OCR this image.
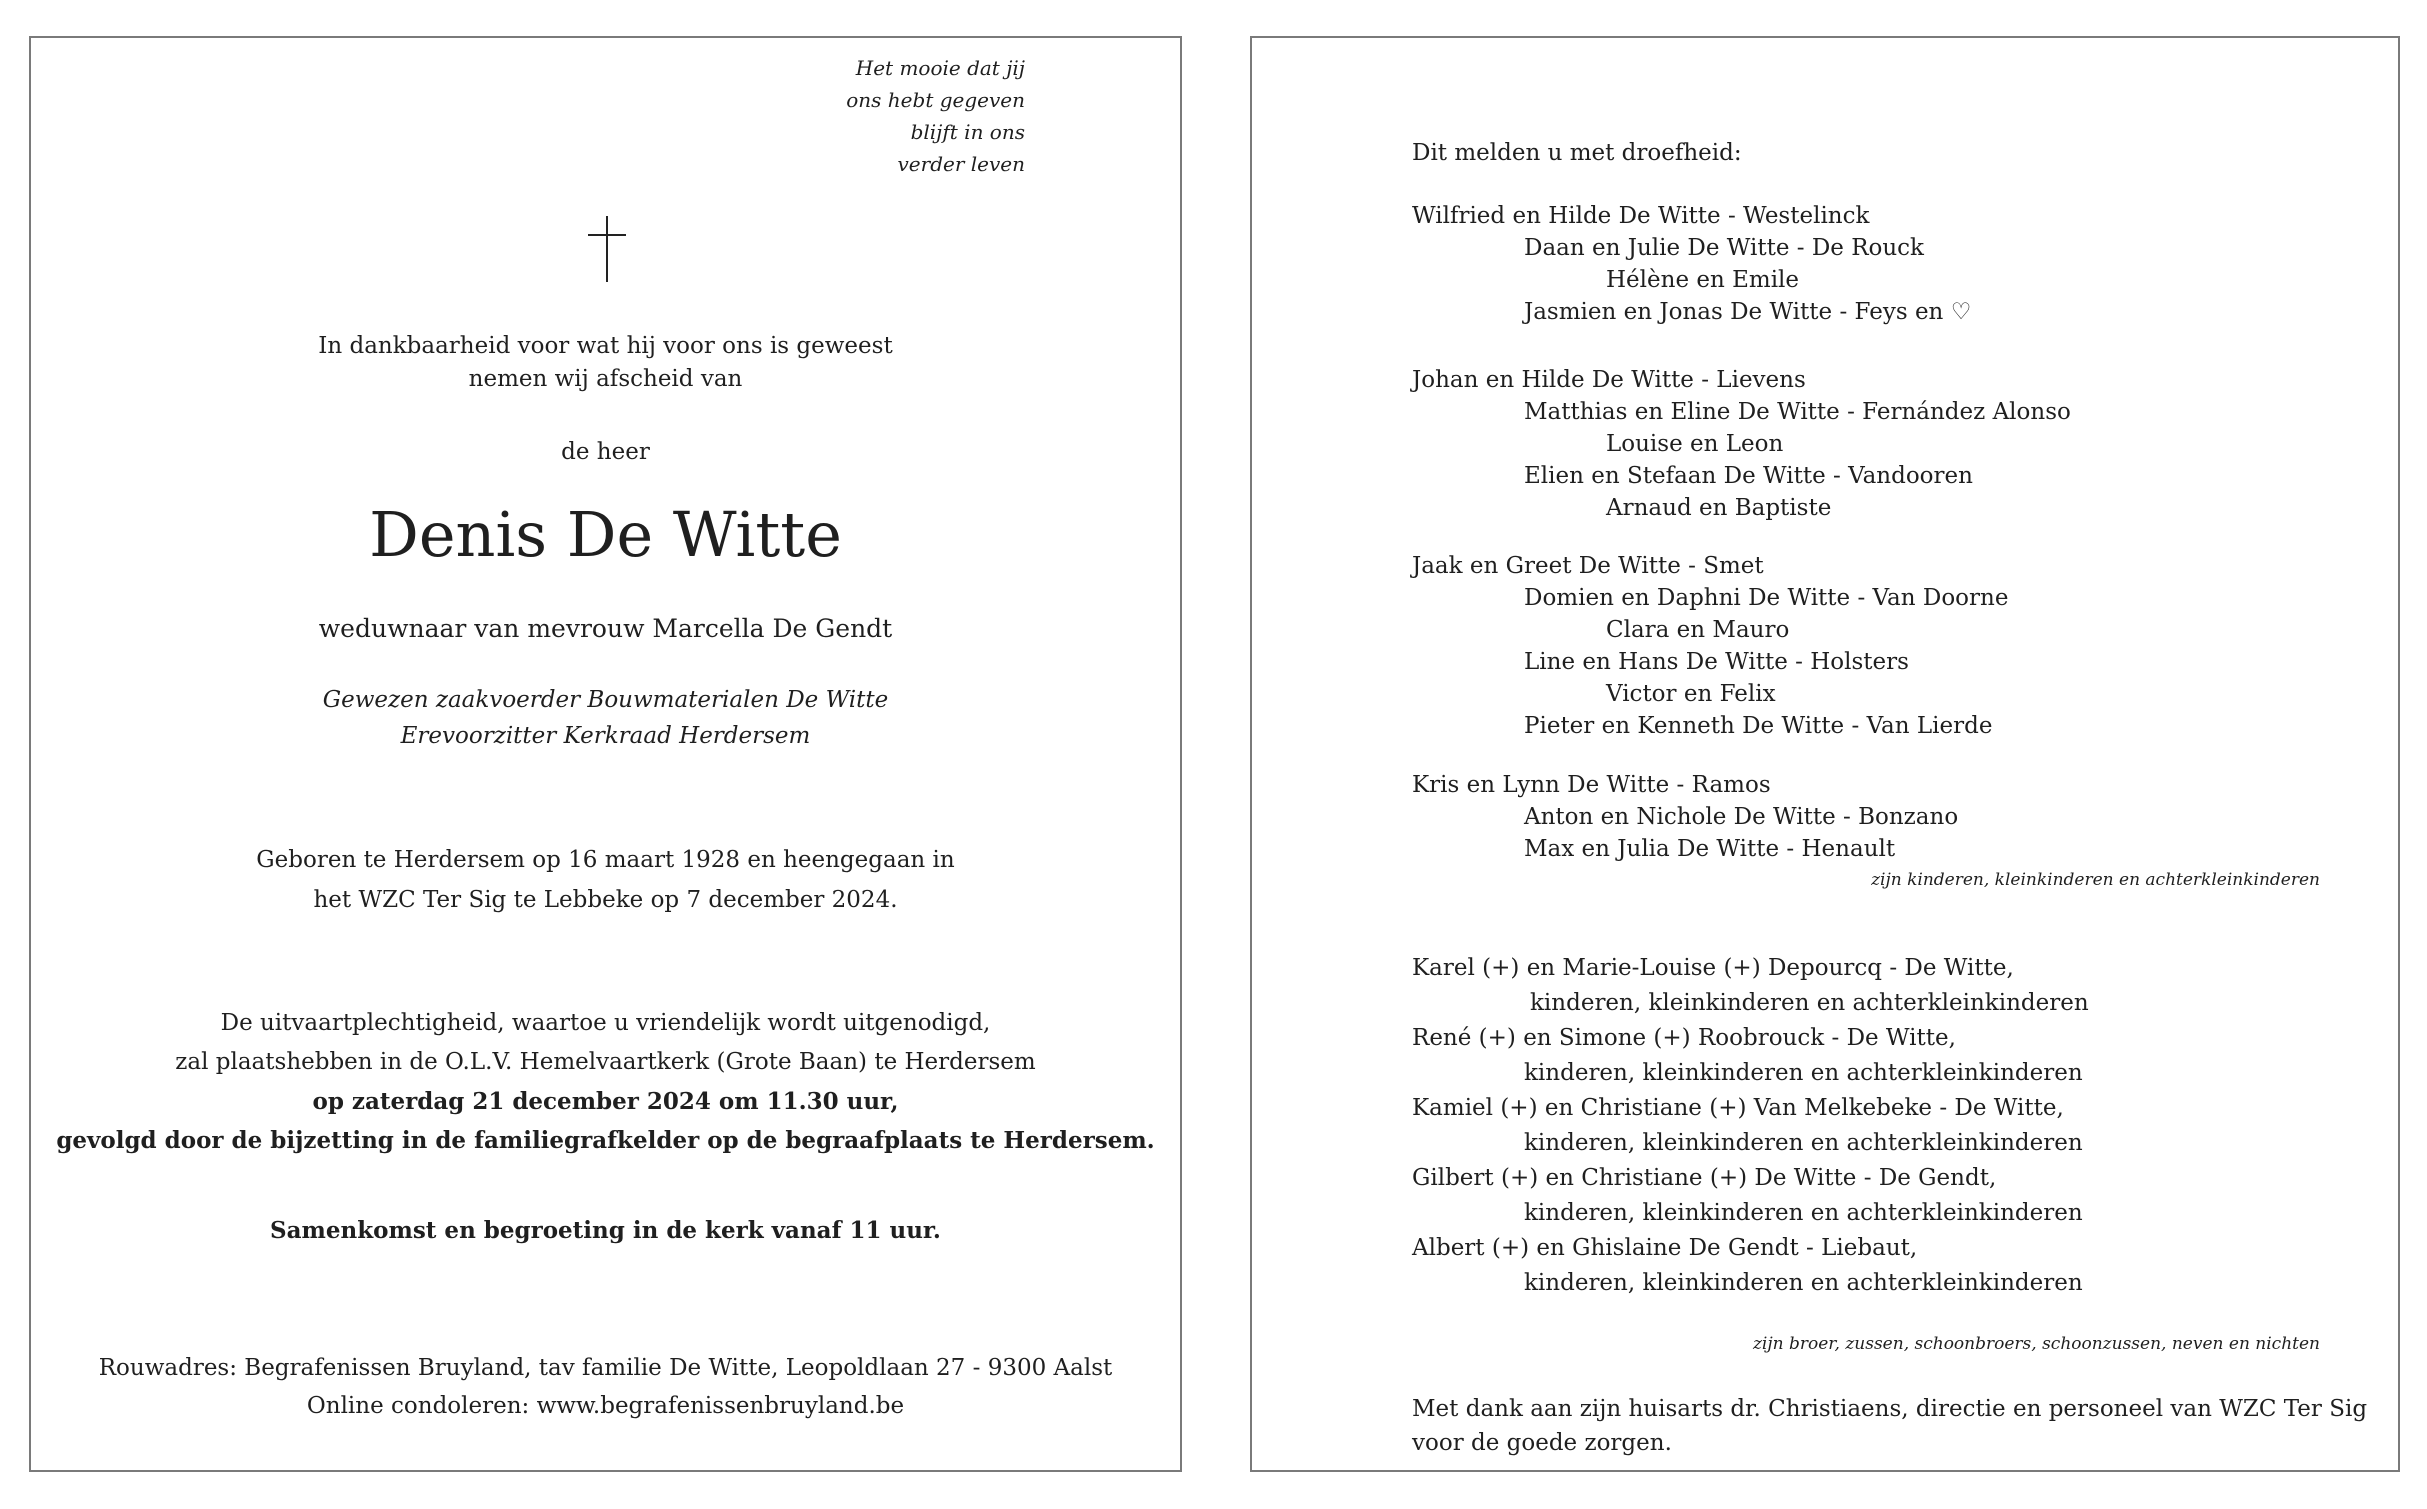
Het mooie dat jij
ons hebt gegeven
blijft in ons
verder leven
In dankbaarheid voor wat hij voor ons is geweest
nemen wij afscheid van
de heer
Denis De Witte
weduwnaar van mevrouw Marcella De Gendt
Gewezen zaakvoerder Bouwmaterialen De Witte
Erevoorzitter Kerkraad Herdersem
Geboren te Herdersem op 16 maart 1928 en heengegaan in
het WZC Ter Sig te Lebbeke op 7 december 2024.
De uitvaartplechtigheid, waartoe u vriendelijk wordt uitgenodigd,
zal plaatshebben in de O.L.V. Hemelvaartkerk (Grote Baan) te Herdersem
op zaterdag 21 december 2024 om 11.30 uur,
gevolgd door de bijzetting in de familiegrafkelder op de begraafplaats te Herdersem.
Samenkomst en begroeting in de kerk vanaf 11 uur.
Rouwadres: Begrafenissen Bruyland, tav familie De Witte, Leopoldlaan 27 - 9300 Aalst
Online condoleren: www.begrafenissenbruyland.be
Dit melden u met droefheid:
Wilfried en Hilde De Witte - Westelinck
Daan en Julie De Witte - De Rouck
Hélène en Emile
Jasmien en Jonas De Witte - Feys en ♡
Johan en Hilde De Witte - Lievens
Matthias en Eline De Witte - Fernández Alonso
Louise en Leon
Elien en Stefaan De Witte - Vandooren
Arnaud en Baptiste
Jaak en Greet De Witte - Smet
Domien en Daphni De Witte - Van Doorne
Clara en Mauro
Line en Hans De Witte - Holsters
Victor en Felix
Pieter en Kenneth De Witte - Van Lierde
Kris en Lynn De Witte - Ramos
Anton en Nichole De Witte - Bonzano
Max en Julia De Witte - Henault
zijn kinderen, kleinkinderen en achterkleinkinderen
Karel (+) en Marie-Louise (+) Depourcq - De Witte,
kinderen, kleinkinderen en achterkleinkinderen
René (+) en Simone (+) Roobrouck - De Witte,
kinderen, kleinkinderen en achterkleinkinderen
Kamiel (+) en Christiane (+) Van Melkebeke - De Witte,
kinderen, kleinkinderen en achterkleinkinderen
Gilbert (+) en Christiane (+) De Witte - De Gendt,
kinderen, kleinkinderen en achterkleinkinderen
Albert (+) en Ghislaine De Gendt - Liebaut,
kinderen, kleinkinderen en achterkleinkinderen
zijn broer, zussen, schoonbroers, schoonzussen, neven en nichten
Met dank aan zijn huisarts dr. Christiaens, directie en personeel van WZC Ter Sig
voor de goede zorgen.
